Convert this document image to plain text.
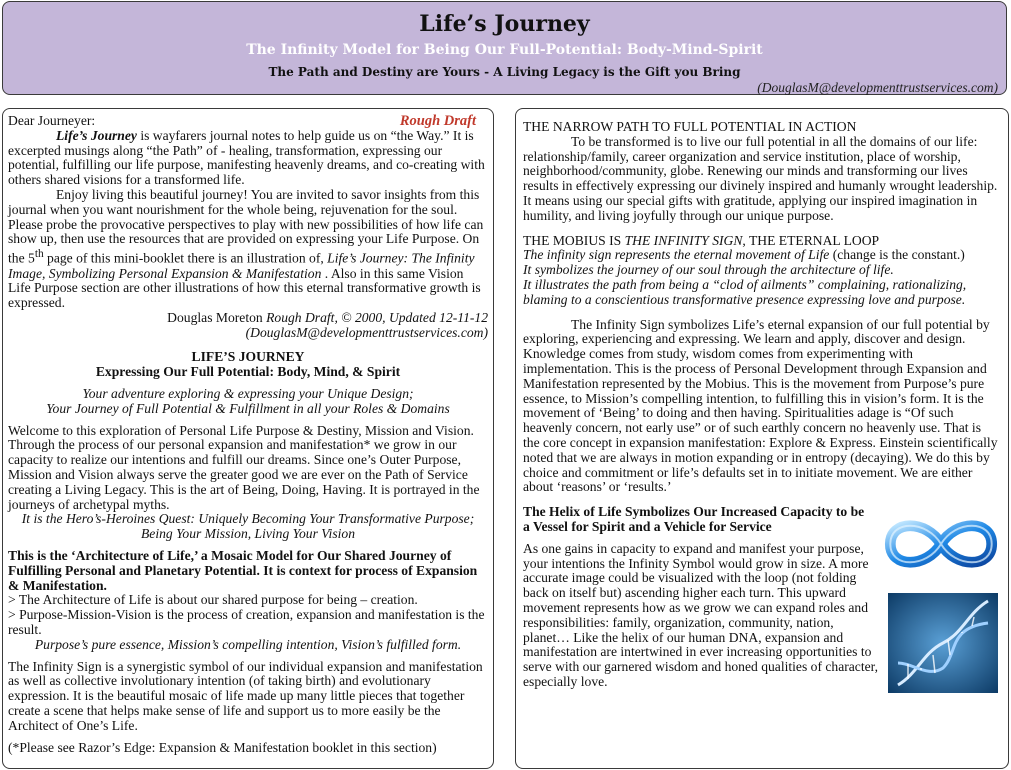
Life’s Journey
The Infinity Model for Being Our Full-Potential: Body-Mind-Spirit
The Path and Destiny are Yours - A Living Legacy is the Gift you Bring
(DouglasM@developmenttrustservices.com)

Rough Draft
Dear Journeyer:

Life’s Journey is wayfarers journal notes to help guide us on “the Way.” It is excerpted musings along “the Path” of - healing, transformation, expressing our potential, fulfilling our life purpose, manifesting heavenly dreams, and co-creating with others shared visions for a transformed life.

Enjoy living this beautiful journey! You are invited to savor insights from this journal when you want nourishment for the whole being, rejuvenation for the soul. Please probe the provocative perspectives to play with new possibilities of how life can show up, then use the resources that are provided on expressing your Life Purpose. On the 5th page of this mini-booklet there is an illustration of, Life’s Journey: The Infinity Image, Symbolizing Personal Expansion & Manifestation . Also in this same Vision Life Purpose section are other illustrations of how this eternal transformative growth is expressed.

Douglas Moreton Rough Draft, © 2000, Updated 12-11-12

(DouglasM@developmenttrustservices.com)

LIFE’S JOURNEY

Expressing Our Full Potential: Body, Mind, & Spirit

Your adventure exploring & expressing your Unique Design;

Your Journey of Full Potential & Fulfillment in all your Roles & Domains

Welcome to this exploration of Personal Life Purpose & Destiny, Mission and Vision. Through the process of our personal expansion and manifestation* we grow in our capacity to realize our intentions and fulfill our dreams. Since one’s Outer Purpose, Mission and Vision always serve the greater good we are ever on the Path of Service creating a Living Legacy. This is the art of Being, Doing, Having. It is portrayed in the journeys of archetypal myths.

It is the Hero’s-Heroines Quest: Uniquely Becoming Your Transformative Purpose; Being Your Mission, Living Your Vision

This is the ‘Architecture of Life,’ a Mosaic Model for Our Shared Journey of Fulfilling Personal and Planetary Potential. It is context for process of Expansion & Manifestation.

> The Architecture of Life is about our shared purpose for being – creation.

> Purpose-Mission-Vision is the process of creation, expansion and manifestation is the result.

Purpose’s pure essence, Mission’s compelling intention, Vision’s fulfilled form.

The Infinity Sign is a synergistic symbol of our individual expansion and manifestation as well as collective involutionary intention (of taking birth) and evolutionary expression. It is the beautiful mosaic of life made up many little pieces that together create a scene that helps make sense of life and support us to more easily be the Architect of One’s Life.

(*Please see Razor’s Edge: Expansion & Manifestation booklet in this section)

THE NARROW PATH TO FULL POTENTIAL IN ACTION

To be transformed is to live our full potential in all the domains of our life: relationship/family, career organization and service institution, place of worship, neighborhood/community, globe. Renewing our minds and transforming our lives results in effectively expressing our divinely inspired and humanly wrought leadership. It means using our special gifts with gratitude, applying our inspired imagination in humility, and living joyfully through our unique purpose.

THE MOBIUS IS THE INFINITY SIGN, THE ETERNAL LOOP

The infinity sign represents the eternal movement of Life (change is the constant.)

It symbolizes the journey of our soul through the architecture of life.

It illustrates the path from being a “clod of ailments” complaining, rationalizing, blaming to a conscientious transformative presence expressing love and purpose.

The Infinity Sign symbolizes Life’s eternal expansion of our full potential by exploring, experiencing and expressing. We learn and apply, discover and design. Knowledge comes from study, wisdom comes from experimenting with implementation. This is the process of Personal Development through Expansion and Manifestation represented by the Mobius. This is the movement from Purpose’s pure essence, to Mission’s compelling intention, to fulfilling this in vision’s form. It is the movement of ‘Being’ to doing and then having. Spiritualities adage is “Of such heavenly concern, not early use” or of such earthly concern no heavenly use. That is the core concept in expansion manifestation: Explore & Express. Einstein scientifically noted that we are always in motion expanding or in entropy (decaying). We do this by choice and commitment or life’s defaults set in to initiate movement. We are either about ‘reasons’ or ‘results.’

The Helix of Life Symbolizes Our Increased Capacity to be a Vessel for Spirit and a Vehicle for Service

As one gains in capacity to expand and manifest your purpose, your intentions the Infinity Symbol would grow in size. A more accurate image could be visualized with the loop (not folding back on itself but) ascending higher each turn. This upward movement represents how as we grow we can expand roles and responsibilities: family, organization, community, nation, planet… Like the helix of our human DNA, expansion and manifestation are intertwined in ever increasing opportunities to serve with our garnered wisdom and honed qualities of character, especially love.
